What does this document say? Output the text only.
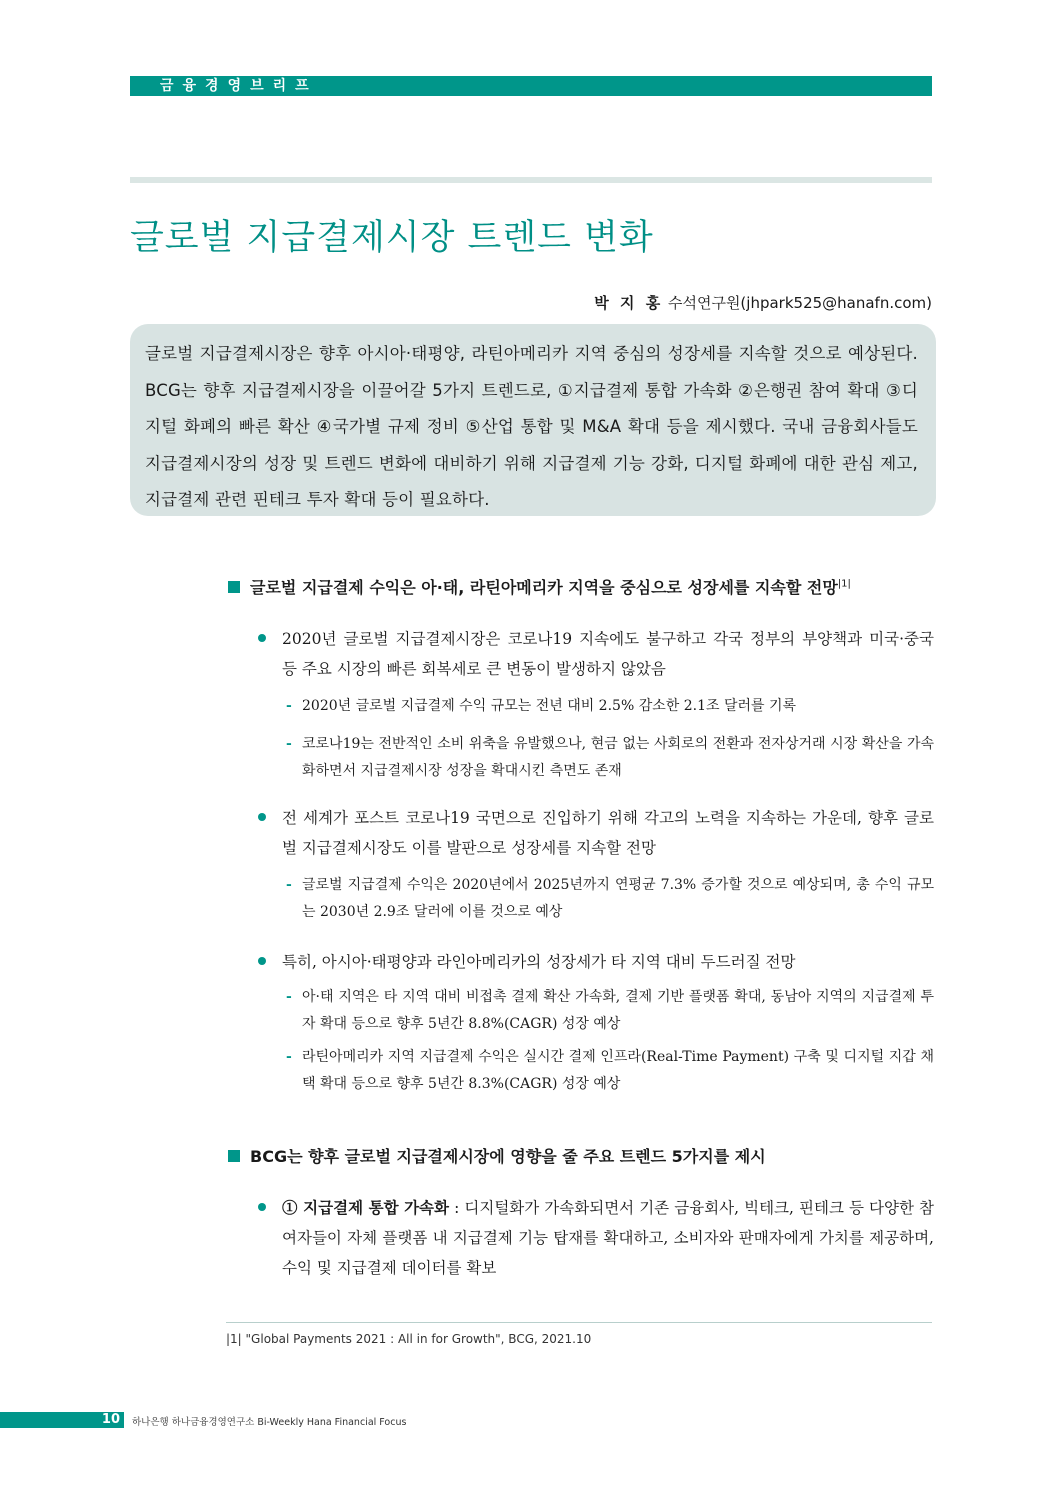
금융경영브리프
글로벌 지급결제시장 트렌드 변화
박 지 홍 수석연구원(jhpark525@hanafn.com)

글로벌 지급결제시장은 향후 아시아·태평양, 라틴아메리카 지역 중심의 성장세를 지속할 것으로 예상된다. BCG는 향후 지급결제시장을 이끌어갈 5가지 트렌드로, ①지급결제 통합 가속화 ②은행권 참여 확대 ③디지털 화폐의 빠른 확산 ④국가별 규제 정비 ⑤산업 통합 및 M&A 확대 등을 제시했다. 국내 금융회사들도 지급결제시장의 성장 및 트렌드 변화에 대비하기 위해 지급결제 기능 강화, 디지털 화폐에 대한 관심 제고, 지급결제 관련 핀테크 투자 확대 등이 필요하다.

글로벌 지급결제 수익은 아·태, 라틴아메리카 지역을 중심으로 성장세를 지속할 전망$^{|1|}$
2020년 글로벌 지급결제시장은 코로나19 지속에도 불구하고 각국 정부의 부양책과 미국·중국 등 주요 시장의 빠른 회복세로 큰 변동이 발생하지 않았음
- 2020년 글로벌 지급결제 수익 규모는 전년 대비 2.5% 감소한 2.1조 달러를 기록
- 코로나19는 전반적인 소비 위축을 유발했으나, 현금 없는 사회로의 전환과 전자상거래 시장 확산을 가속화하면서 지급결제시장 성장을 확대시킨 측면도 존재
전 세계가 포스트 코로나19 국면으로 진입하기 위해 각고의 노력을 지속하는 가운데, 향후 글로벌 지급결제시장도 이를 발판으로 성장세를 지속할 전망
- 글로벌 지급결제 수익은 2020년에서 2025년까지 연평균 7.3% 증가할 것으로 예상되며, 총 수익 규모는 2030년 2.9조 달러에 이를 것으로 예상
특히, 아시아·태평양과 라인아메리카의 성장세가 타 지역 대비 두드러질 전망
- 아·태 지역은 타 지역 대비 비접촉 결제 확산 가속화, 결제 기반 플랫폼 확대, 동남아 지역의 지급결제 투자 확대 등으로 향후 5년간 8.8%(CAGR) 성장 예상
- 라틴아메리카 지역 지급결제 수익은 실시간 결제 인프라(Real-Time Payment) 구축 및 디지털 지갑 채택 확대 등으로 향후 5년간 8.3%(CAGR) 성장 예상
BCG는 향후 글로벌 지급결제시장에 영향을 줄 주요 트렌드 5가지를 제시
① 지급결제 통합 가속화 : 디지털화가 가속화되면서 기존 금융회사, 빅테크, 핀테크 등 다양한 참여자들이 자체 플랫폼 내 지급결제 기능 탑재를 확대하고, 소비자와 판매자에게 가치를 제공하며, 수익 및 지급결제 데이터를 확보
|1| "Global Payments 2021 : All in for Growth", BCG, 2021.10
10 하나은행 하나금융경영연구소 Bi-Weekly Hana Financial Focus
